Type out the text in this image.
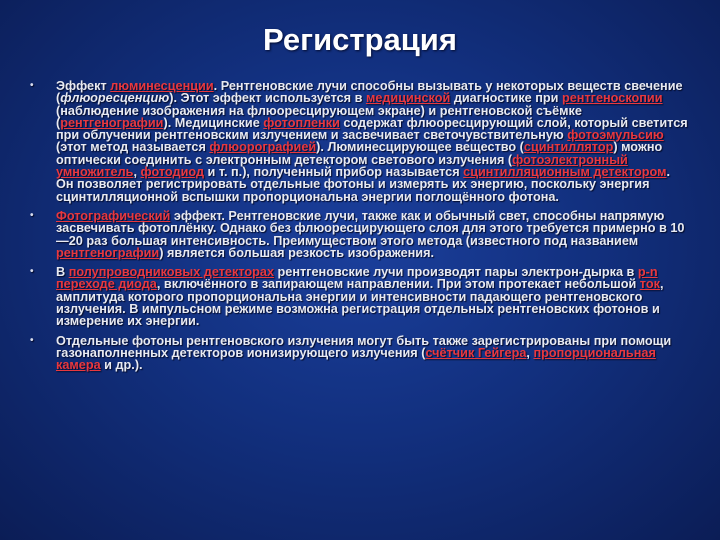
Регистрация
• Эффект люминесценции. Рентгеновские лучи способны вызывать у некоторых веществ свечение (флюоресценцию). Этот эффект используется в медицинской диагностике при рентгеноскопии (наблюдение изображения на флюоресцирующем экране) и рентгеновской съёмке (рентгенографии). Медицинские фотопленки содержат флюоресцирующий слой, который светится при облучении рентгеновским излучением и засвечивает светочувствительную фотоэмульсию (этот метод называется флюорографией). Люминесцирующее вещество (сцинтиллятор) можно оптически соединить с электронным детектором светового излучения (фотоэлектронный умножитель, фотодиод и т. п.), полученный прибор называется сцинтилляционным детектором. Он позволяет регистрировать отдельные фотоны и измерять их энергию, поскольку энергия сцинтилляционной вспышки пропорциональна энергии поглощённого фотона.
• Фотографический эффект. Рентгеновские лучи, также как и обычный свет, способны напрямую засвечивать фотоплёнку. Однако без флюоресцирующего слоя для этого требуется примерно в 10—20 раз большая интенсивность. Преимуществом этого метода (известного под названием рентгенографии) является большая резкость изображения.
• В полупроводниковых детекторах рентгеновские лучи производят пары электрон-дырка в p-n переходе диода, включённого в запирающем направлении. При этом протекает небольшой ток, амплитуда которого пропорциональна энергии и интенсивности падающего рентгеновского излучения. В импульсном режиме возможна регистрация отдельных рентгеновских фотонов и измерение их энергии.
• Отдельные фотоны рентгеновского излучения могут быть также зарегистрированы при помощи газонаполненных детекторов ионизирующего излучения (счётчик Гейгера, пропорциональная камера и др.).
